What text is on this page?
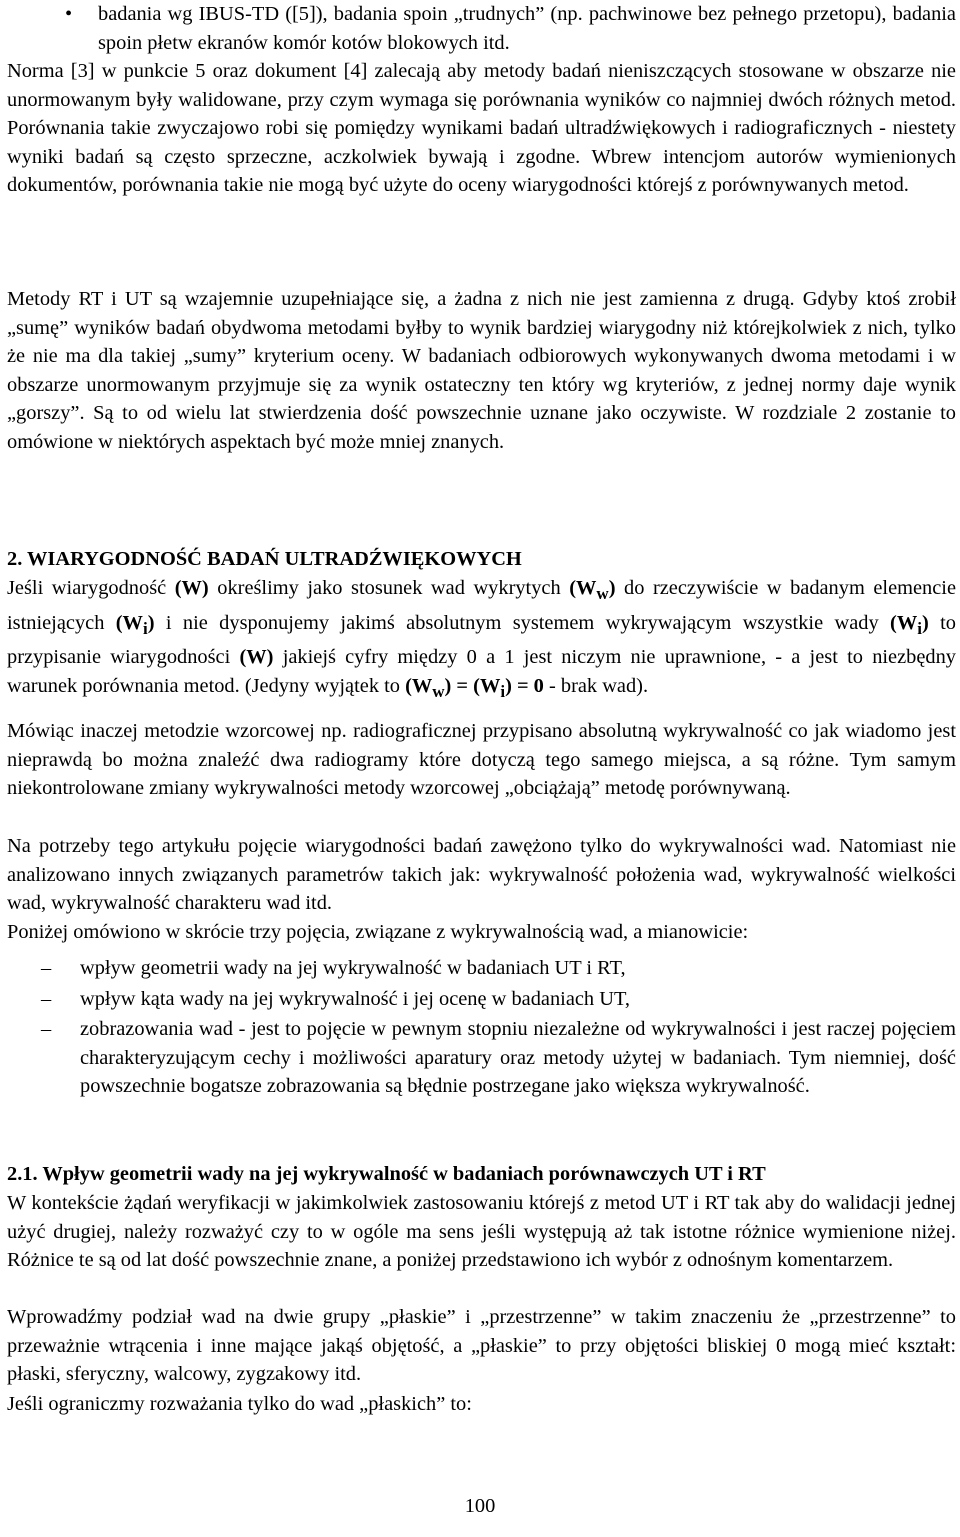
• badania wg IBUS-TD ([5]), badania spoin „trudnych” (np. pachwinowe bez pełnego przetopu), badania spoin płetw ekranów komór kotów blokowych itd.

Norma [3] w punkcie 5 oraz dokument [4] zalecają aby metody badań nieniszczących stosowane w obszarze nie unormowanym były walidowane, przy czym wymaga się porównania wyników co najmniej dwóch różnych metod. Porównania takie zwyczajowo robi się pomiędzy wynikami badań ultradźwiękowych i radiograficznych - niestety wyniki badań są często sprzeczne, aczkolwiek bywają i zgodne. Wbrew intencjom autorów wymienionych dokumentów, porównania takie nie mogą być użyte do oceny wiarygodności którejś z porównywanych metod.

Metody RT i UT są wzajemnie uzupełniające się, a żadna z nich nie jest zamienna z drugą. Gdyby ktoś zrobił „sumę” wyników badań obydwoma metodami byłby to wynik bardziej wiarygodny niż którejkolwiek z nich, tylko że nie ma dla takiej „sumy” kryterium oceny. W badaniach odbiorowych wykonywanych dwoma metodami i w obszarze unormowanym przyjmuje się za wynik ostateczny ten który wg kryteriów, z jednej normy daje wynik „gorszy”. Są to od wielu lat stwierdzenia dość powszechnie uznane jako oczywiste. W rozdziale 2 zostanie to omówione w niektórych aspektach być może mniej znanych.

2. WIARYGODNOŚĆ BADAŃ ULTRADŹWIĘKOWYCH

Jeśli wiarygodność (W) określimy jako stosunek wad wykrytych $(W_w)$ do rzeczywiście w badanym elemencie istniejących $(W_i)$ i nie dysponujemy jakimś absolutnym systemem wykrywającym wszystkie wady $(W_i)$ to przypisanie wiarygodności (W) jakiejś cyfry między 0 a 1 jest niczym nie uprawnione, - a jest to niezbędny warunek porównania metod. (Jedyny wyjątek to $(W_w) = (W_i) = 0$ - brak wad).

Mówiąc inaczej metodzie wzorcowej np. radiograficznej przypisano absolutną wykrywalność co jak wiadomo jest nieprawdą bo można znaleźć dwa radiogramy które dotyczą tego samego miejsca, a są różne. Tym samym niekontrolowane zmiany wykrywalności metody wzorcowej „obciążają” metodę porównywaną.

Na potrzeby tego artykułu pojęcie wiarygodności badań zawężono tylko do wykrywalności wad. Natomiast nie analizowano innych związanych parametrów takich jak: wykrywalność położenia wad, wykrywalność wielkości wad, wykrywalność charakteru wad itd.

Poniżej omówiono w skrócie trzy pojęcia, związane z wykrywalnością wad, a mianowicie:

– wpływ geometrii wady na jej wykrywalność w badaniach UT i RT,

– wpływ kąta wady na jej wykrywalność i jej ocenę w badaniach UT,

– zobrazowania wad - jest to pojęcie w pewnym stopniu niezależne od wykrywalności i jest raczej pojęciem charakteryzującym cechy i możliwości aparatury oraz metody użytej w badaniach. Tym niemniej, dość powszechnie bogatsze zobrazowania są błędnie postrzegane jako większa wykrywalność.

2.1. Wpływ geometrii wady na jej wykrywalność w badaniach porównawczych UT i RT

W kontekście żądań weryfikacji w jakimkolwiek zastosowaniu którejś z metod UT i RT tak aby do walidacji jednej użyć drugiej, należy rozważyć czy to w ogóle ma sens jeśli występują aż tak istotne różnice wymienione niżej. Różnice te są od lat dość powszechnie znane, a poniżej przedstawiono ich wybór z odnośnym komentarzem.

Wprowadźmy podział wad na dwie grupy „płaskie” i „przestrzenne” w takim znaczeniu że „przestrzenne” to przeważnie wtrącenia i inne mające jakąś objętość, a „płaskie” to przy objętości bliskiej 0 mogą mieć kształt: płaski, sferyczny, walcowy, zygzakowy itd.

Jeśli ograniczmy rozważania tylko do wad „płaskich” to:

100
